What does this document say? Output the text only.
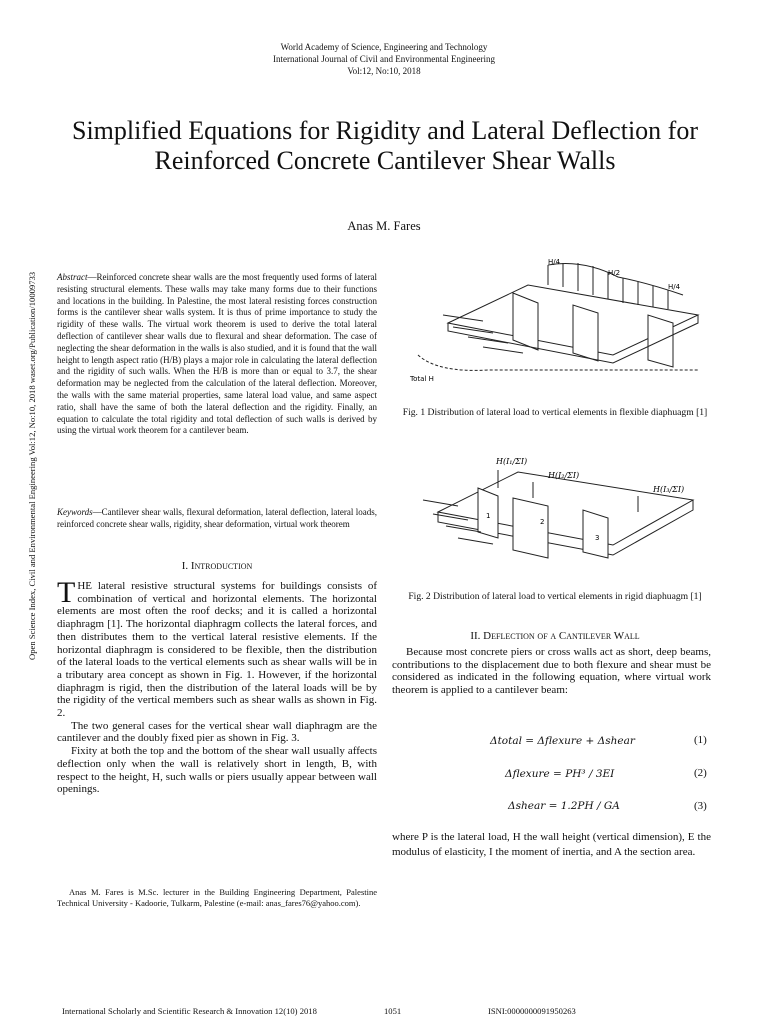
World Academy of Science, Engineering and Technology
International Journal of Civil and Environmental Engineering
Vol:12, No:10, 2018
Simplified Equations for Rigidity and Lateral Deflection for Reinforced Concrete Cantilever Shear Walls
Anas M. Fares
Open Science Index, Civil and Environmental Engineering Vol:12, No:10, 2018 waset.org/Publication/10009733 Abstract—Reinforced concrete shear walls are the most frequently used forms of lateral resisting structural elements. These walls may take many forms due to their functions and locations in the building. In Palestine, the most lateral resisting forces construction forms is the cantilever shear walls system. It is thus of prime importance to study the rigidity of these walls. The virtual work theorem is used to derive the total lateral deflection of cantilever shear walls due to flexural and shear deformation. The case of neglecting the shear deformation in the walls is also studied, and it is found that the wall height to length aspect ratio (H/B) plays a major role in calculating the lateral deflection and the rigidity of such walls. When the H/B is more than or equal to 3.7, the shear deformation may be neglected from the calculation of the lateral deflection. Moreover, the walls with the same material properties, same lateral load value, and same aspect ratio, shall have the same of both the lateral deflection and the rigidity. Finally, an equation to calculate the total rigidity and total deflection of such walls is derived by using the virtual work theorem for a cantilever beam.
Keywords—Cantilever shear walls, flexural deformation, lateral deflection, lateral loads, reinforced concrete shear walls, rigidity, shear deformation, virtual work theorem
I. Introduction

THE lateral resistive structural systems for buildings consists of combination of vertical and horizontal elements. The horizontal elements are most often the roof decks; and it is called a horizontal diaphragm [1]. The horizontal diaphragm collects the lateral forces, and then distributes them to the vertical lateral resistive elements. If the horizontal diaphragm is considered to be flexible, then the distribution of the lateral loads to the vertical elements such as shear walls will be in a tributary area concept as shown in Fig. 1. However, if the horizontal diaphragm is rigid, then the distribution of the lateral loads will be by the rigidity of the vertical members such as shear walls as shown in Fig. 2.

The two general cases for the vertical shear wall diaphragm are the cantilever and the doubly fixed pier as shown in Fig. 3.

Fixity at both the top and the bottom of the shear wall usually affects deflection only when the wall is relatively short in length, B, with respect to the height, H, such walls or piers usually appear between wall openings.

Anas M. Fares is M.Sc. lecturer in the Building Engineering Department, Palestine Technical University - Kadoorie, Tulkarm, Palestine (e-mail: anas_fares76@yahoo.com).
H/4
H/2
H/4
Total H
Fig. 1 Distribution of lateral load to vertical elements in flexible diaphuagm [1]
1
2
3
H(I₁/ΣI)
H(I₂/ΣI)
H(I₃/ΣI)
Fig. 2 Distribution of lateral load to vertical elements in rigid diaphuagm [1]
II. Deflection of a Cantilever Wall

Because most concrete piers or cross walls act as short, deep beams, contributions to the displacement due to both flexure and shear must be considered as indicated in the following equation, where virtual work theorem is applied to a cantilever beam:

Δtotal = Δflexure + Δshear	(1)
Δflexure = PH³ / 3EI	(2)
Δshear = 1.2PH / GA	(3)
where P is the lateral load, H the wall height (vertical dimension), E the modulus of elasticity, I the moment of inertia, and A the section area.
International Scholarly and Scientific Research & Innovation 12(10) 2018	1051	ISNI:0000000091950263
